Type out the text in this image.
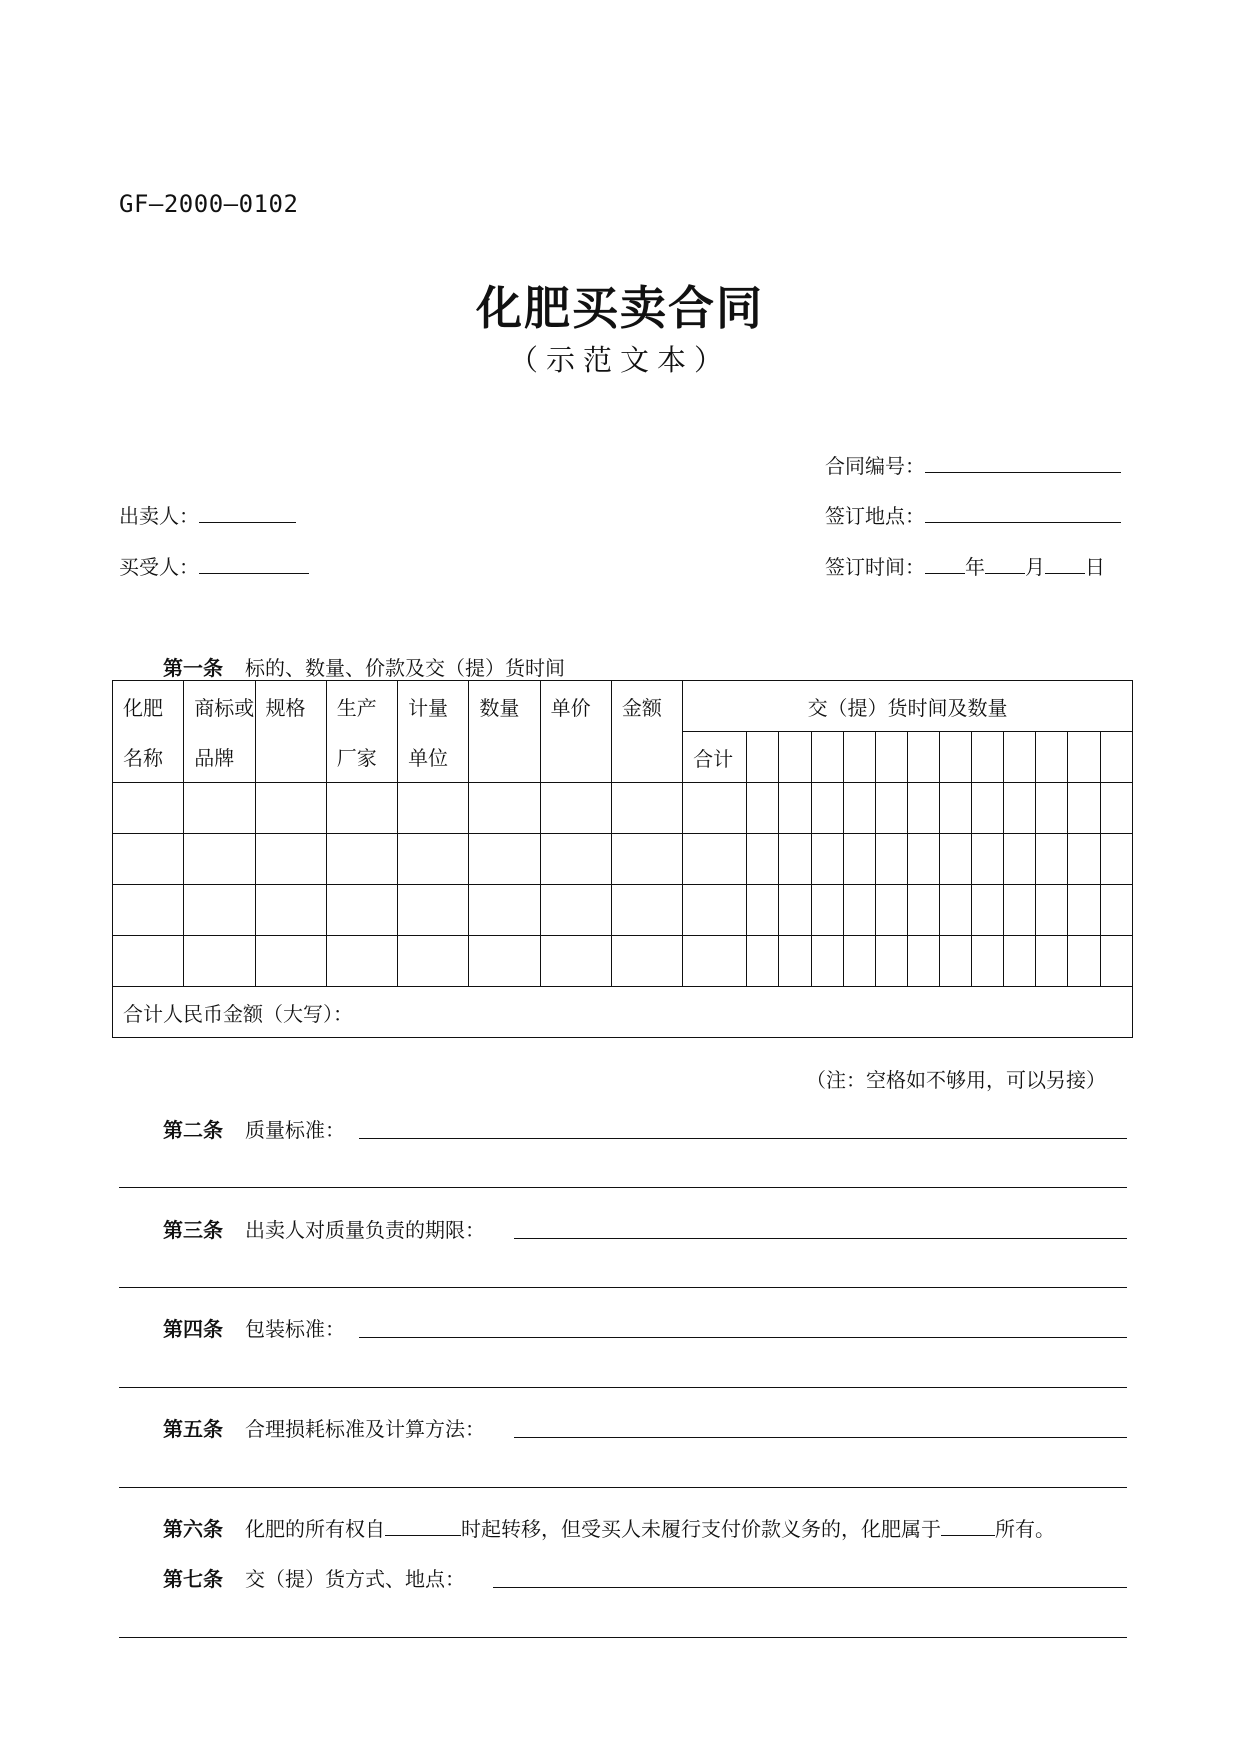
GF—2000—0102
化肥买卖合同
（示范文本）
合同编号：
出卖人：	签订地点：
买受人：	签订时间： 年 月 日
第一条 标的、数量、价款及交（提）货时间
化肥	商标或	规格	生产	计量	数量	单价	金额	交（提）货时间及数量												
名称	品牌		厂家	单位				合计												

合计人民币金额（大写）：																				
（注：空格如不够用，可以另接）
第二条 质量标准：
第三条 出卖人对质量负责的期限：
第四条 包装标准：
第五条 合理损耗标准及计算方法：
第六条 化肥的所有权自	时起转移，但受买人未履行支付价款义务的，化肥属于	所有。
第七条 交（提）货方式、地点：
